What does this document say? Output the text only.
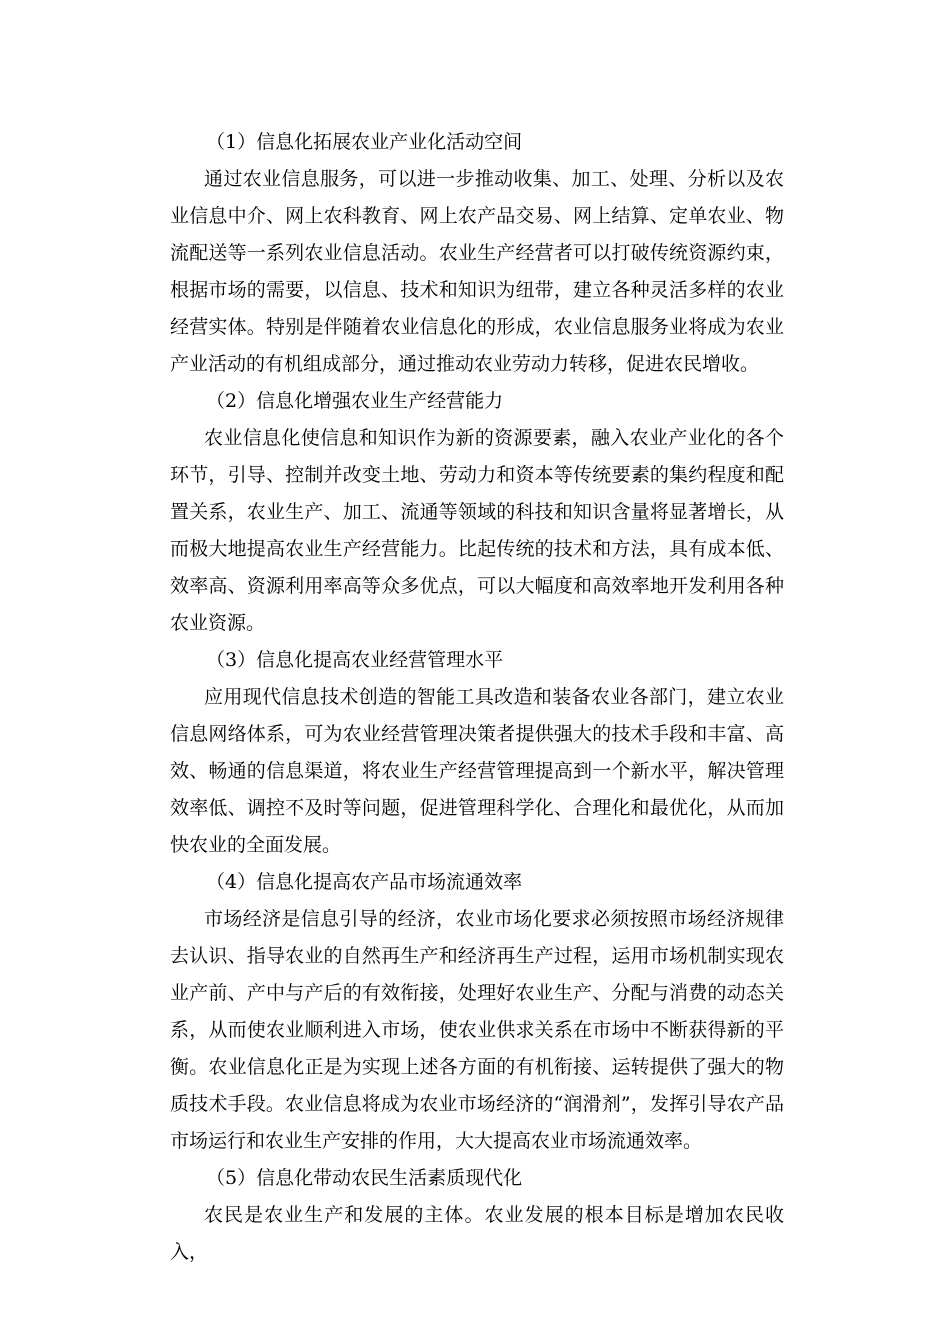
（1）信息化拓展农业产业化活动空间

通过农业信息服务，可以进一步推动收集、加工、处理、分析以及农业信息中介、网上农科教育、网上农产品交易、网上结算、定单农业、物流配送等一系列农业信息活动。农业生产经营者可以打破传统资源约束，根据市场的需要，以信息、技术和知识为纽带，建立各种灵活多样的农业经营实体。特别是伴随着农业信息化的形成，农业信息服务业将成为农业产业活动的有机组成部分，通过推动农业劳动力转移，促进农民增收。

（2）信息化增强农业生产经营能力

农业信息化使信息和知识作为新的资源要素，融入农业产业化的各个环节，引导、控制并改变土地、劳动力和资本等传统要素的集约程度和配置关系，农业生产、加工、流通等领域的科技和知识含量将显著增长，从而极大地提高农业生产经营能力。比起传统的技术和方法，具有成本低、效率高、资源利用率高等众多优点，可以大幅度和高效率地开发利用各种农业资源。

（3）信息化提高农业经营管理水平

应用现代信息技术创造的智能工具改造和装备农业各部门，建立农业信息网络体系，可为农业经营管理决策者提供强大的技术手段和丰富、高效、畅通的信息渠道，将农业生产经营管理提高到一个新水平，解决管理效率低、调控不及时等问题，促进管理科学化、合理化和最优化，从而加快农业的全面发展。

（4）信息化提高农产品市场流通效率

市场经济是信息引导的经济，农业市场化要求必须按照市场经济规律去认识、指导农业的自然再生产和经济再生产过程，运用市场机制实现农业产前、产中与产后的有效衔接，处理好农业生产、分配与消费的动态关系，从而使农业顺利进入市场，使农业供求关系在市场中不断获得新的平衡。农业信息化正是为实现上述各方面的有机衔接、运转提供了强大的物质技术手段。农业信息将成为农业市场经济的“润滑剂”，发挥引导农产品市场运行和农业生产安排的作用，大大提高农业市场流通效率。

（5）信息化带动农民生活素质现代化

农民是农业生产和发展的主体。农业发展的根本目标是增加农民收入，
